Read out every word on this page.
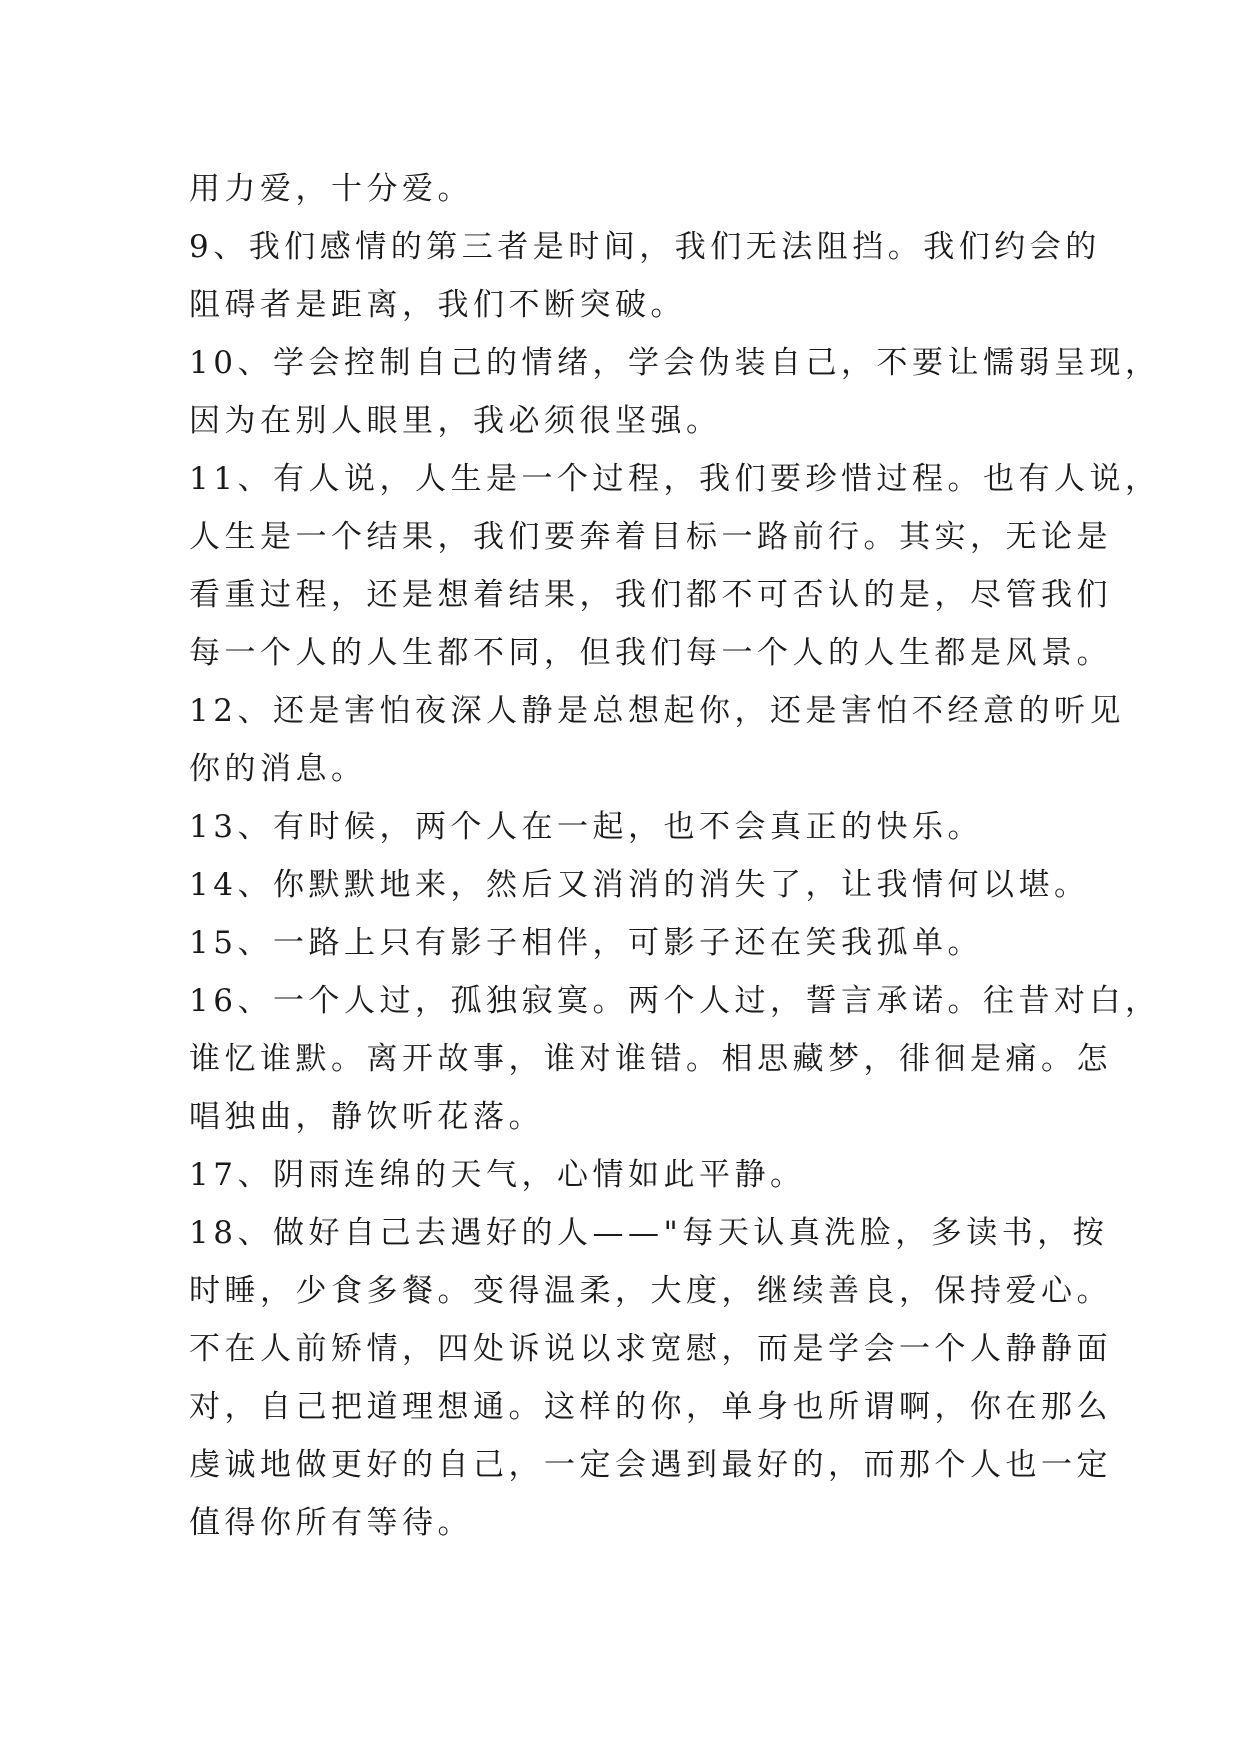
用力爱，十分爱。
9、我们感情的第三者是时间，我们无法阻挡。我们约会的
阻碍者是距离，我们不断突破。
10、学会控制自己的情绪，学会伪装自己，不要让懦弱呈现，
因为在别人眼里，我必须很坚强。
11、有人说，人生是一个过程，我们要珍惜过程。也有人说，
人生是一个结果，我们要奔着目标一路前行。其实，无论是
看重过程，还是想着结果，我们都不可否认的是，尽管我们
每一个人的人生都不同，但我们每一个人的人生都是风景。
12、还是害怕夜深人静是总想起你，还是害怕不经意的听见
你的消息。
13、有时候，两个人在一起，也不会真正的快乐。
14、你默默地来，然后又消消的消失了，让我情何以堪。
15、一路上只有影子相伴，可影子还在笑我孤单。
16、一个人过，孤独寂寞。两个人过，誓言承诺。往昔对白，
谁忆谁默。离开故事，谁对谁错。相思藏梦，徘徊是痛。怎
唱独曲，静饮听花落。
17、阴雨连绵的天气，心情如此平静。
18、做好自己去遇好的人——"每天认真洗脸，多读书，按
时睡，少食多餐。变得温柔，大度，继续善良，保持爱心。
不在人前矫情，四处诉说以求宽慰，而是学会一个人静静面
对，自己把道理想通。这样的你，单身也所谓啊，你在那么
虔诚地做更好的自己，一定会遇到最好的，而那个人也一定
值得你所有等待。
